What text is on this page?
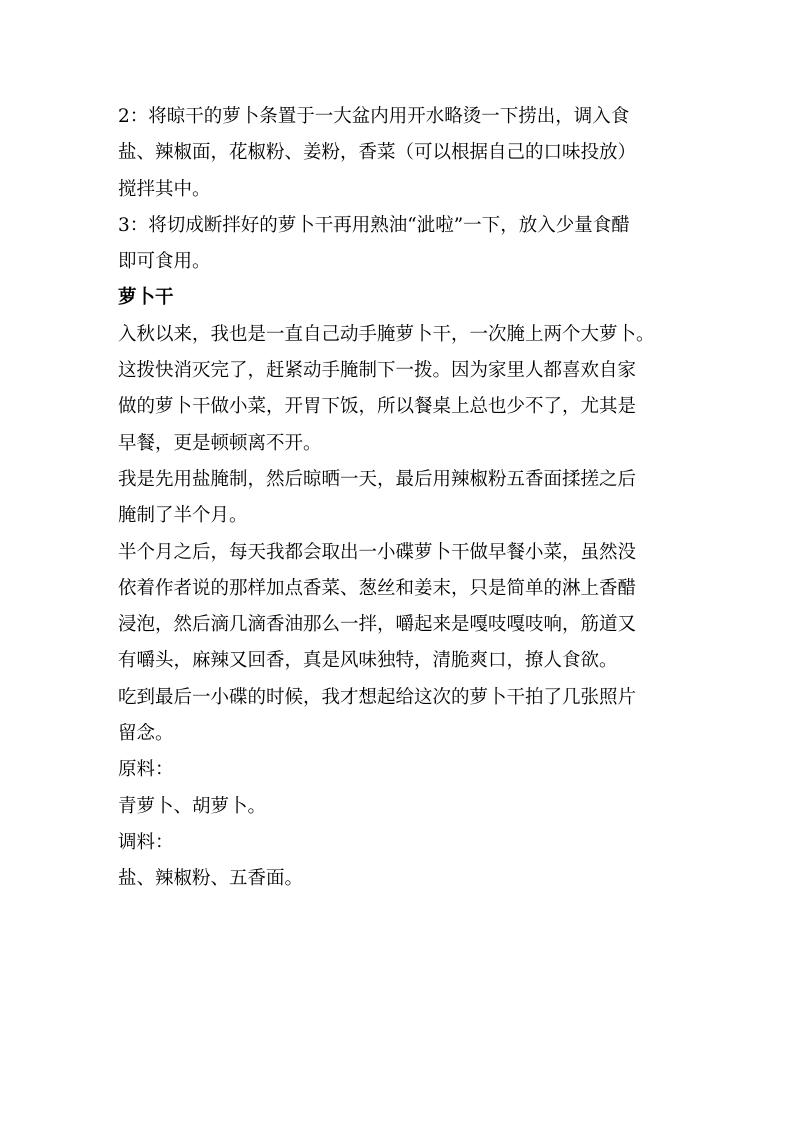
2：将晾干的萝卜条置于一大盆内用开水略烫一下捞出，调入食
盐、辣椒面，花椒粉、姜粉，香菜（可以根据自己的口味投放）
搅拌其中。
3：将切成断拌好的萝卜干再用熟油“泚啦”一下，放入少量食醋
即可食用。
萝卜干
入秋以来，我也是一直自己动手腌萝卜干，一次腌上两个大萝卜。
这拨快消灭完了，赶紧动手腌制下一拨。因为家里人都喜欢自家
做的萝卜干做小菜，开胃下饭，所以餐桌上总也少不了，尤其是
早餐，更是顿顿离不开。
我是先用盐腌制，然后晾晒一天，最后用辣椒粉五香面揉搓之后
腌制了半个月。
半个月之后，每天我都会取出一小碟萝卜干做早餐小菜，虽然没
依着作者说的那样加点香菜、葱丝和姜末，只是简单的淋上香醋
浸泡，然后滴几滴香油那么一拌，嚼起来是嘎吱嘎吱响，筋道又
有嚼头，麻辣又回香，真是风味独特，清脆爽口，撩人食欲。
吃到最后一小碟的时候，我才想起给这次的萝卜干拍了几张照片
留念。
原料：
青萝卜、胡萝卜。
调料：
盐、辣椒粉、五香面。
